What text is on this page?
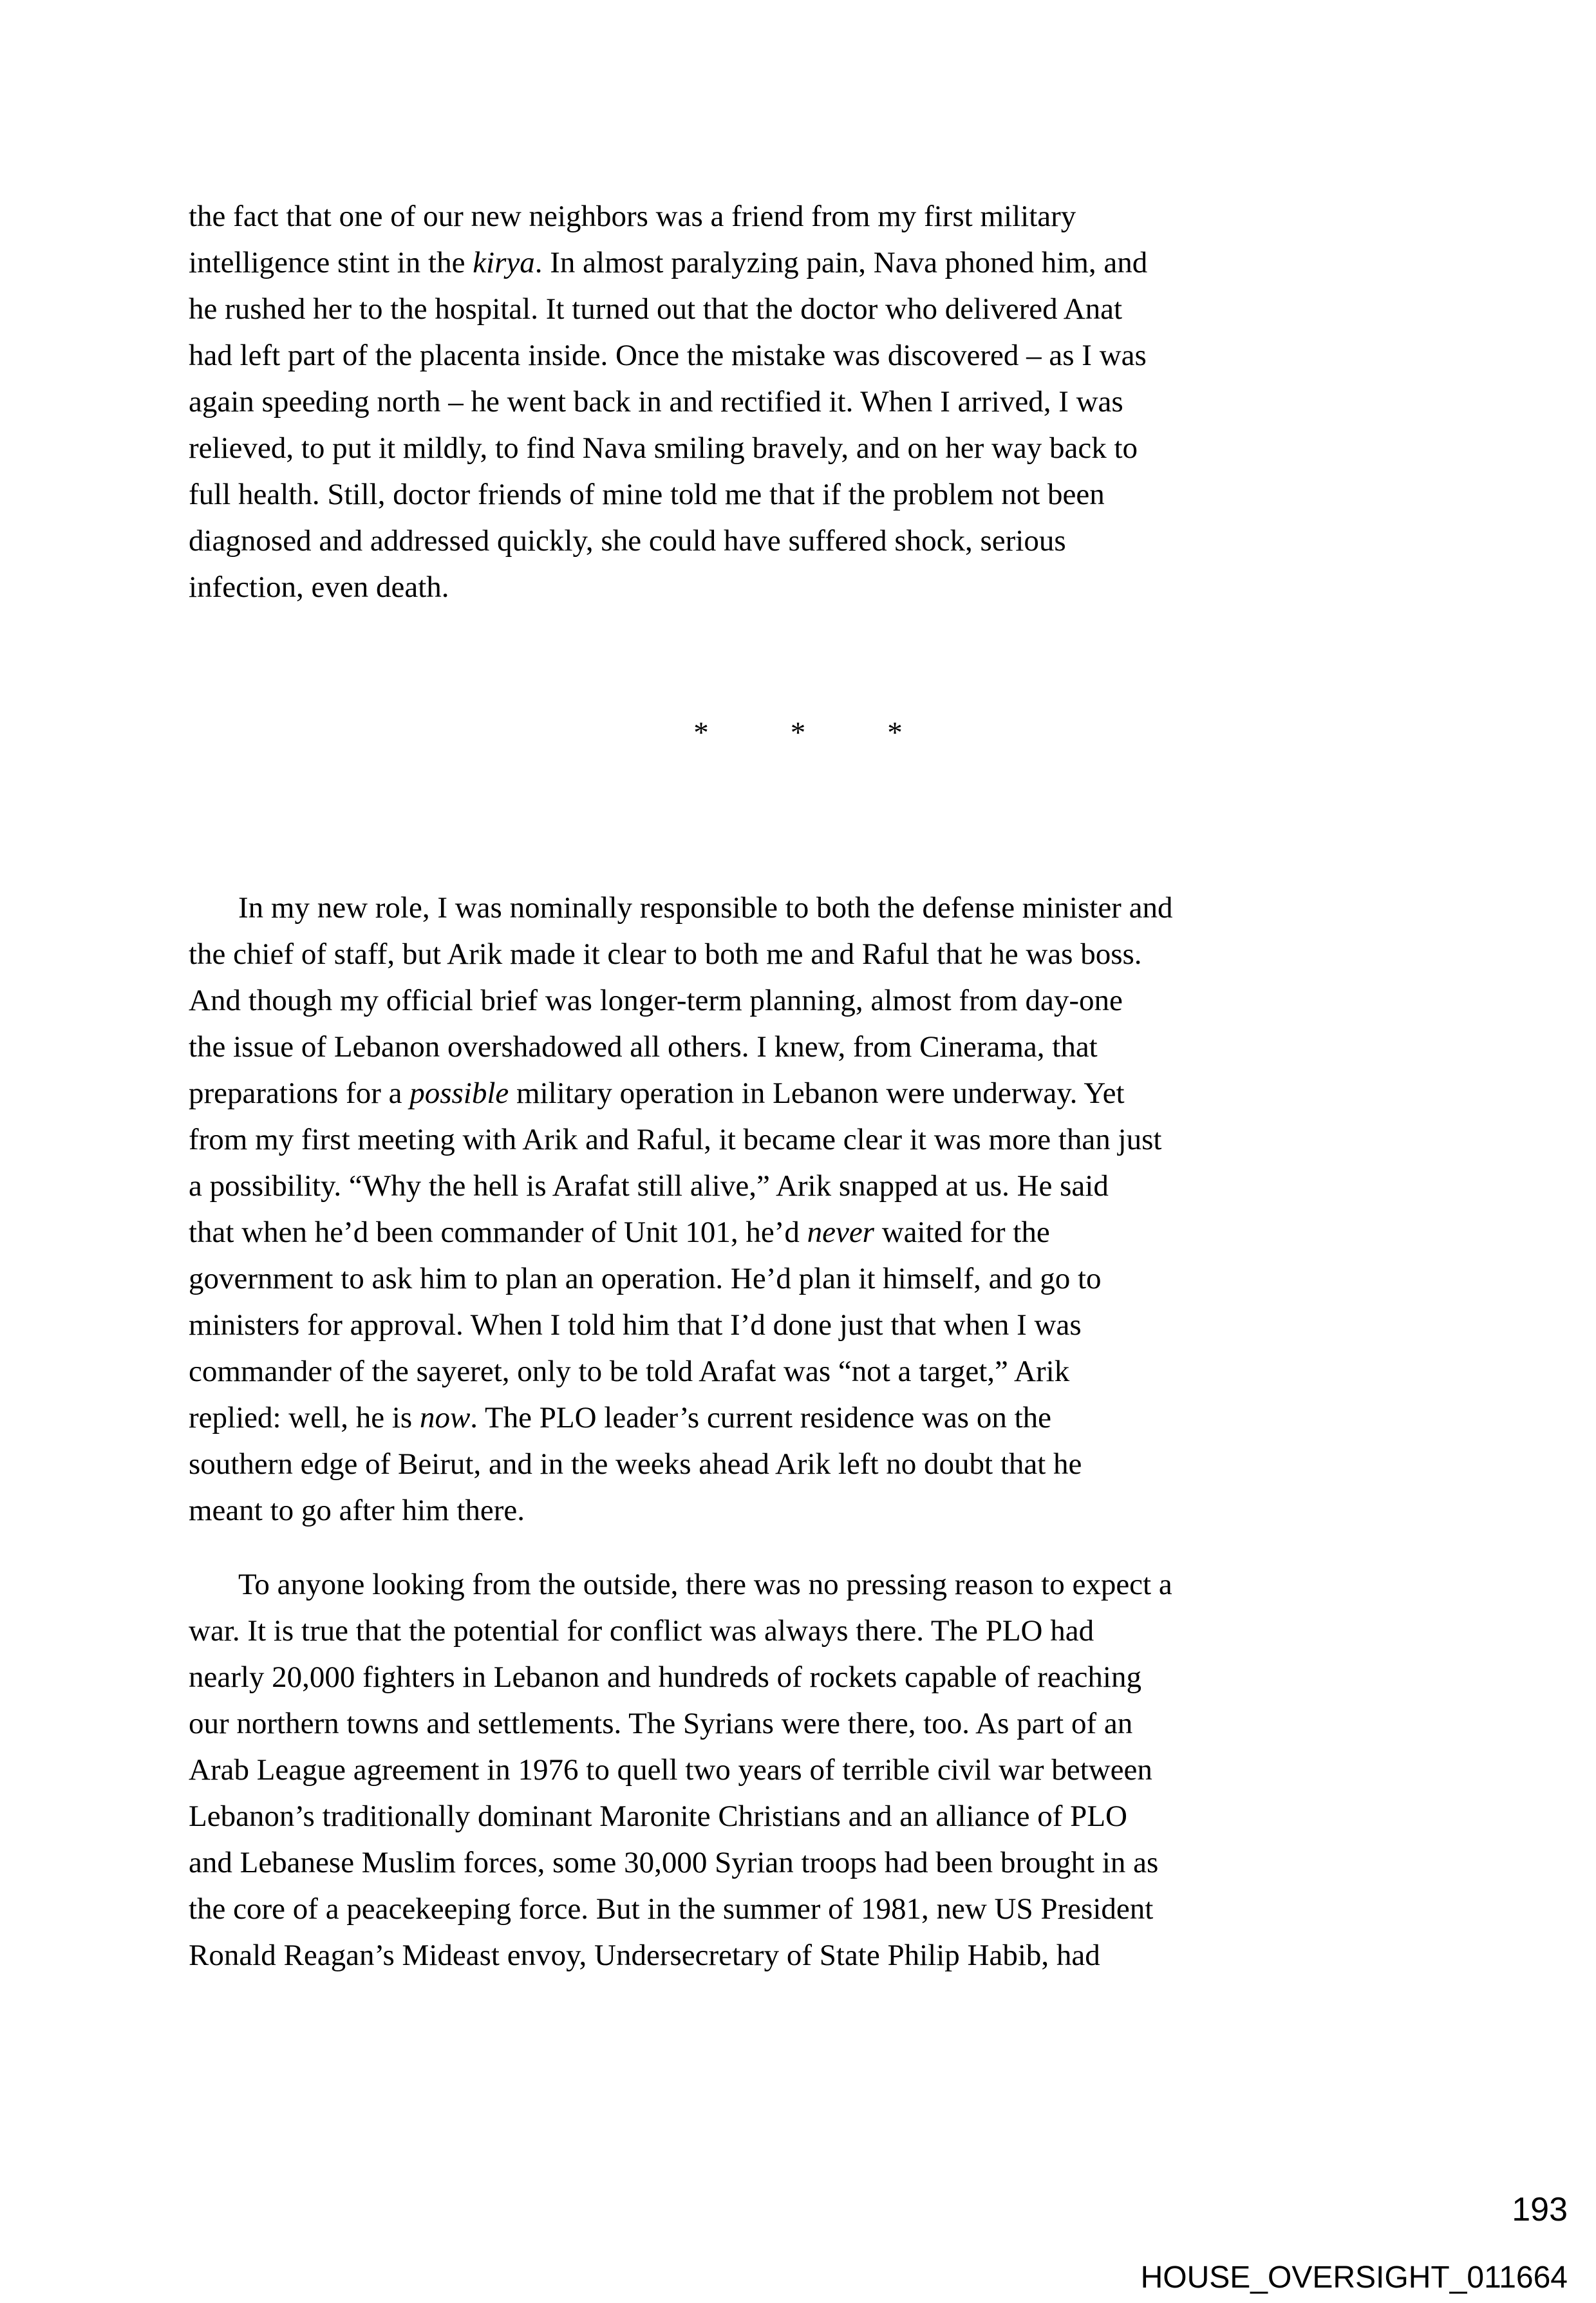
the fact that one of our new neighbors was a friend from my first military
intelligence stint in the kirya. In almost paralyzing pain, Nava phoned him, and
he rushed her to the hospital. It turned out that the doctor who delivered Anat
had left part of the placenta inside. Once the mistake was discovered – as I was
again speeding north – he went back in and rectified it. When I arrived, I was
relieved, to put it mildly, to find Nava smiling bravely, and on her way back to
full health. Still, doctor friends of mine told me that if the problem not been
diagnosed and addressed quickly, she could have suffered shock, serious
infection, even death.
In my new role, I was nominally responsible to both the defense minister and
the chief of staff, but Arik made it clear to both me and Raful that he was boss.
And though my official brief was longer-term planning, almost from day-one
the issue of Lebanon overshadowed all others. I knew, from Cinerama, that
preparations for a possible military operation in Lebanon were underway. Yet
from my first meeting with Arik and Raful, it became clear it was more than just
a possibility. “Why the hell is Arafat still alive,” Arik snapped at us. He said
that when he’d been commander of Unit 101, he’d never waited for the
government to ask him to plan an operation. He’d plan it himself, and go to
ministers for approval. When I told him that I’d done just that when I was
commander of the sayeret, only to be told Arafat was “not a target,” Arik
replied: well, he is now. The PLO leader’s current residence was on the
southern edge of Beirut, and in the weeks ahead Arik left no doubt that he
meant to go after him there.
To anyone looking from the outside, there was no pressing reason to expect a
war. It is true that the potential for conflict was always there. The PLO had
nearly 20,000 fighters in Lebanon and hundreds of rockets capable of reaching
our northern towns and settlements. The Syrians were there, too. As part of an
Arab League agreement in 1976 to quell two years of terrible civil war between
Lebanon’s traditionally dominant Maronite Christians and an alliance of PLO
and Lebanese Muslim forces, some 30,000 Syrian troops had been brought in as
the core of a peacekeeping force. But in the summer of 1981, new US President
Ronald Reagan’s Mideast envoy, Undersecretary of State Philip Habib, had
*	*	*
193
HOUSE_OVERSIGHT_011664
